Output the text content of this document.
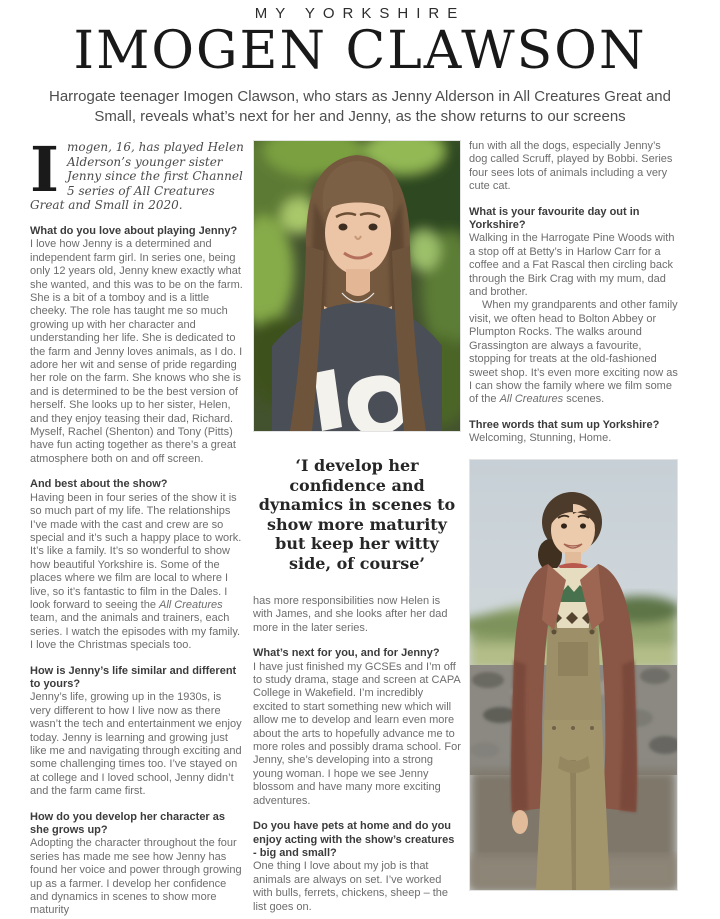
MY YORKSHIRE
IMOGEN CLAWSON
Harrogate teenager Imogen Clawson, who stars as Jenny Alderson in All Creatures Great and Small, reveals what’s next for her and Jenny, as the show returns to our screens

Imogen, 16, has played Helen Alderson’s younger sister Jenny since the first Channel 5 series of All Creatures Great and Small in 2020.

What do you love about playing Jenny?

I love how Jenny is a determined and independent farm girl. In series one, being only 12 years old, Jenny knew exactly what she wanted, and this was to be on the farm. She is a bit of a tomboy and is a little cheeky. The role has taught me so much growing up with her character and understanding her life. She is dedicated to the farm and Jenny loves animals, as I do. I adore her wit and sense of pride regarding her role on the farm. She knows who she is and is determined to be the best version of herself. She looks up to her sister, Helen, and they enjoy teasing their dad, Richard. Myself, Rachel (Shenton) and Tony (Pitts) have fun acting together as there’s a great atmosphere both on and off screen.

And best about the show?

Having been in four series of the show it is so much part of my life. The relationships I’ve made with the cast and crew are so special and it’s such a happy place to work. It’s like a family. It’s so wonderful to show how beautiful Yorkshire is. Some of the places where we film are local to where I live, so it’s fantastic to film in the Dales. I look forward to seeing the All Creatures team, and the animals and trainers, each series. I watch the episodes with my family. I love the Christmas specials too.

How is Jenny’s life similar and different to yours?

Jenny’s life, growing up in the 1930s, is very different to how I live now as there wasn’t the tech and entertainment we enjoy today. Jenny is learning and growing just like me and navigating through exciting and some challenging times too. I’ve stayed on at college and I loved school, Jenny didn’t and the farm came first.

How do you develop her character as she grows up?

Adopting the character throughout the four series has made me see how Jenny has found her voice and power through growing up as a farmer. I develop her confidence and dynamics in scenes to show more maturity

‘I develop her confidence and dynamics in scenes to show more maturity but keep her witty side, of course’

has more responsibilities now Helen is with James, and she looks after her dad more in the later series.

What’s next for you, and for Jenny?

I have just finished my GCSEs and I’m off to study drama, stage and screen at CAPA College in Wakefield. I’m incredibly excited to start something new which will allow me to develop and learn even more about the arts to hopefully advance me to more roles and possibly drama school. For Jenny, she’s developing into a strong young woman. I hope we see Jenny blossom and have many more exciting adventures.

Do you have pets at home and do you enjoy acting with the show’s creatures - big and small?

One thing I love about my job is that animals are always on set. I’ve worked with bulls, ferrets, chickens, sheep – the list goes on.

fun with all the dogs, especially Jenny’s dog called Scruff, played by Bobbi. Series four sees lots of animals including a very cute cat.

What is your favourite day out in Yorkshire?

Walking in the Harrogate Pine Woods with a stop off at Betty’s in Harlow Carr for a coffee and a Fat Rascal then circling back through the Birk Crag with my mum, dad and brother.

When my grandparents and other family visit, we often head to Bolton Abbey or Plumpton Rocks. The walks around Grassington are always a favourite, stopping for treats at the old-fashioned sweet shop. It’s even more exciting now as I can show the family where we film some of the All Creatures scenes.

Three words that sum up Yorkshire?

Welcoming, Stunning, Home.
